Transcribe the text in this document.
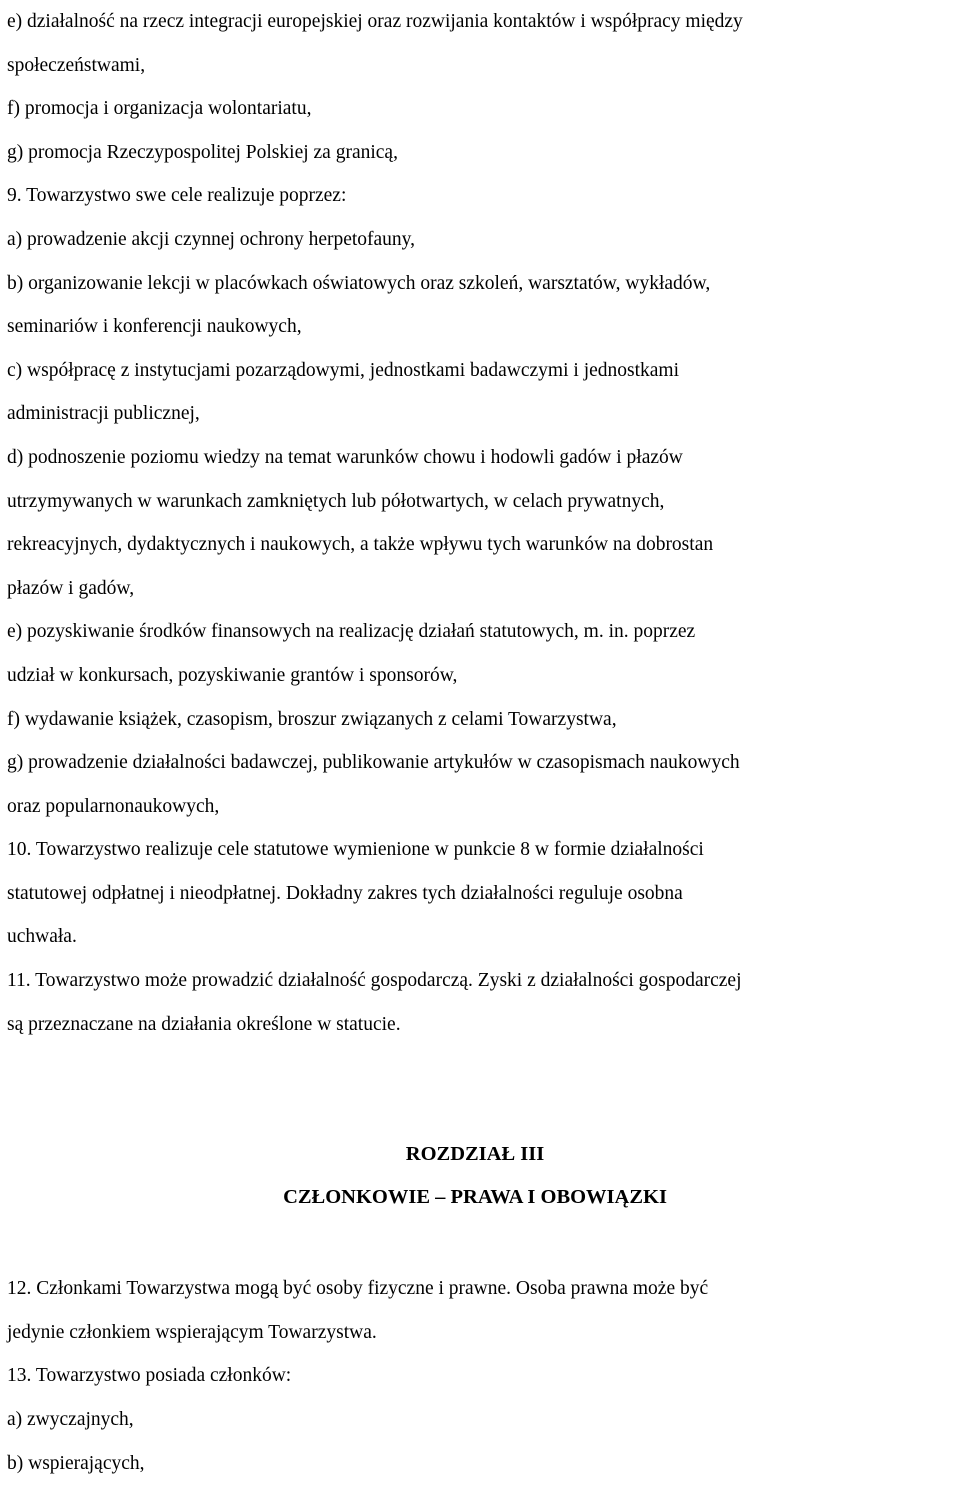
e) działalność na rzecz integracji europejskiej oraz rozwijania kontaktów i współpracy między

społeczeństwami,

f) promocja i organizacja wolontariatu,

g) promocja Rzeczypospolitej Polskiej za granicą,

9. Towarzystwo swe cele realizuje poprzez:

a) prowadzenie akcji czynnej ochrony herpetofauny,

b) organizowanie lekcji w placówkach oświatowych oraz szkoleń, warsztatów, wykładów,

seminariów i konferencji naukowych,

c) współpracę z instytucjami pozarządowymi, jednostkami badawczymi i jednostkami

administracji publicznej,

d) podnoszenie poziomu wiedzy na temat warunków chowu i hodowli gadów i płazów

utrzymywanych w warunkach zamkniętych lub półotwartych, w celach prywatnych,

rekreacyjnych, dydaktycznych i naukowych, a także wpływu tych warunków na dobrostan

płazów i gadów,

e) pozyskiwanie środków finansowych na realizację działań statutowych, m. in. poprzez

udział w konkursach, pozyskiwanie grantów i sponsorów,

f) wydawanie książek, czasopism, broszur związanych z celami Towarzystwa,

g) prowadzenie działalności badawczej, publikowanie artykułów w czasopismach naukowych

oraz popularnonaukowych,

10. Towarzystwo realizuje cele statutowe wymienione w punkcie 8 w formie działalności

statutowej odpłatnej i nieodpłatnej. Dokładny zakres tych działalności reguluje osobna

uchwała.

11. Towarzystwo może prowadzić działalność gospodarczą. Zyski z działalności gospodarczej

są przeznaczane na działania określone w statucie.

ROZDZIAŁ III
CZŁONKOWIE – PRAWA I OBOWIĄZKI

12. Członkami Towarzystwa mogą być osoby fizyczne i prawne. Osoba prawna może być

jedynie członkiem wspierającym Towarzystwa.

13. Towarzystwo posiada członków:

a) zwyczajnych,

b) wspierających,
